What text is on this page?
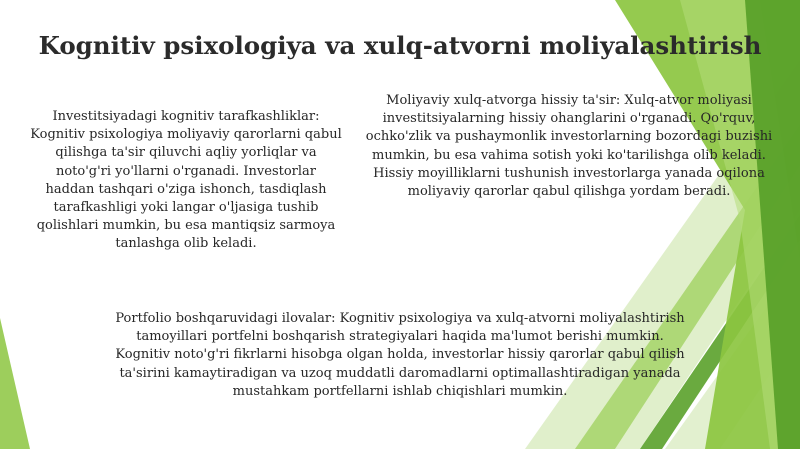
Kognitiv psixologiya va xulq-atvorni moliyalashtirish
Investitsiyadagi kognitiv tarafkashliklar: Kognitiv psixologiya moliyaviy qarorlarni qabul qilishga ta'sir qiluvchi aqliy yorliqlar va noto'g'ri yo'llarni o'rganadi. Investorlar haddan tashqari o'ziga ishonch, tasdiqlash tarafkashligi yoki langar o'ljasiga tushib qolishlari mumkin, bu esa mantiqsiz sarmoya tanlashga olib keladi.
Moliyaviy xulq-atvorga hissiy ta'sir: Xulq-atvor moliyasi investitsiyalarning hissiy ohanglarini o'rganadi. Qo'rquv, ochko'zlik va pushaymonlik investorlarning bozordagi buzishi mumkin, bu esa vahima sotish yoki ko'tarilishga olib keladi. Hissiy moyilliklarni tushunish investorlarga yanada oqilona moliyaviy qarorlar qabul qilishga yordam beradi.
Portfolio boshqaruvidagi ilovalar: Kognitiv psixologiya va xulq-atvorni moliyalashtirish tamoyillari portfelni boshqarish strategiyalari haqida ma'lumot berishi mumkin. Kognitiv noto'g'ri fikrlarni hisobga olgan holda, investorlar hissiy qarorlar qabul qilish ta'sirini kamaytiradigan va uzoq muddatli daromadlarni optimallashtiradigan yanada mustahkam portfellarni ishlab chiqishlari mumkin.
